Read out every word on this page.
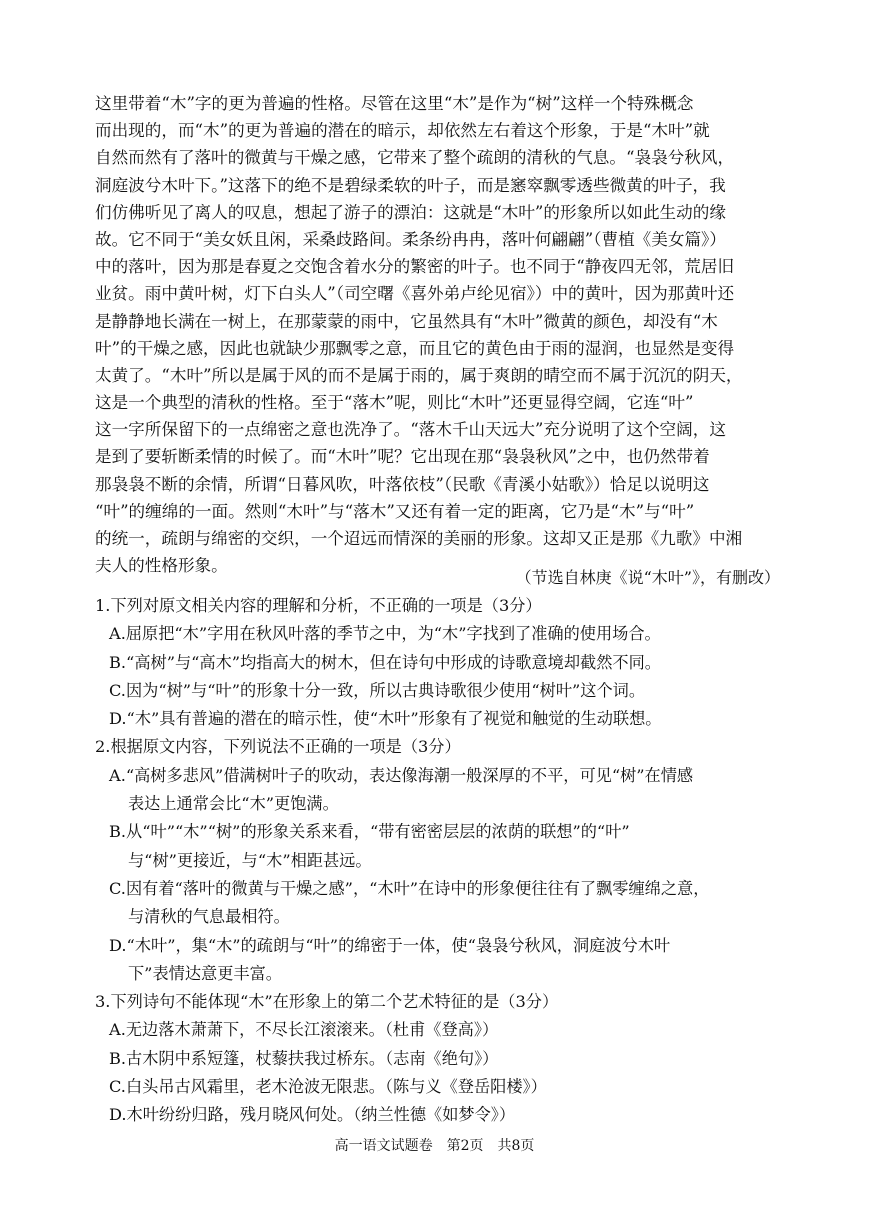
这里带着“木”字的更为普遍的性格。尽管在这里“木”是作为“树”这样一个特殊概念
而出现的，而“木”的更为普遍的潜在的暗示，却依然左右着这个形象，于是“木叶”就
自然而然有了落叶的微黄与干燥之感，它带来了整个疏朗的清秋的气息。“袅袅兮秋风，
洞庭波兮木叶下。”这落下的绝不是碧绿柔软的叶子，而是窸窣飘零透些微黄的叶子，我
们仿佛听见了离人的叹息，想起了游子的漂泊：这就是“木叶”的形象所以如此生动的缘
故。它不同于“美女妖且闲，采桑歧路间。柔条纷冉冉，落叶何翩翩”（曹植《美女篇》）
中的落叶，因为那是春夏之交饱含着水分的繁密的叶子。也不同于“静夜四无邻，荒居旧
业贫。雨中黄叶树，灯下白头人”（司空曙《喜外弟卢纶见宿》）中的黄叶，因为那黄叶还
是静静地长满在一树上，在那蒙蒙的雨中，它虽然具有“木叶”微黄的颜色，却没有“木
叶”的干燥之感，因此也就缺少那飘零之意，而且它的黄色由于雨的湿润，也显然是变得
太黄了。“木叶”所以是属于风的而不是属于雨的，属于爽朗的晴空而不属于沉沉的阴天，
这是一个典型的清秋的性格。至于“落木”呢，则比“木叶”还更显得空阔，它连“叶”
这一字所保留下的一点绵密之意也洗净了。“落木千山天远大”充分说明了这个空阔，这
是到了要斩断柔情的时候了。而“木叶”呢？它出现在那“袅袅秋风”之中，也仍然带着
那袅袅不断的余情，所谓“日暮风吹，叶落依枝”（民歌《青溪小姑歌》）恰足以说明这
“叶”的缠绵的一面。然则“木叶”与“落木”又还有着一定的距离，它乃是“木”与“叶”
的统一，疏朗与绵密的交织，一个迢远而情深的美丽的形象。这却又正是那《九歌》中湘
夫人的性格形象。
（节选自林庚《说“木叶”》，有删改）
1.下列对原文相关内容的理解和分析，不正确的一项是（3分）
A.屈原把“木”字用在秋风叶落的季节之中，为“木”字找到了准确的使用场合。
B.“高树”与“高木”均指高大的树木，但在诗句中形成的诗歌意境却截然不同。
C.因为“树”与“叶”的形象十分一致，所以古典诗歌很少使用“树叶”这个词。
D.“木”具有普遍的潜在的暗示性，使“木叶”形象有了视觉和触觉的生动联想。
2.根据原文内容，下列说法不正确的一项是（3分）
A.“高树多悲风”借满树叶子的吹动，表达像海潮一般深厚的不平，可见“树”在情感
表达上通常会比“木”更饱满。
B.从“叶”“木”“树”的形象关系来看，“带有密密层层的浓荫的联想”的“叶”
与“树”更接近，与“木”相距甚远。
C.因有着“落叶的微黄与干燥之感”，“木叶”在诗中的形象便往往有了飘零缠绵之意，
与清秋的气息最相符。
D.“木叶”，集“木”的疏朗与“叶”的绵密于一体，使“袅袅兮秋风，洞庭波兮木叶
下”表情达意更丰富。
3.下列诗句不能体现“木”在形象上的第二个艺术特征的是（3分）
A.无边落木萧萧下，不尽长江滚滚来。（杜甫《登高》）
B.古木阴中系短篷，杖藜扶我过桥东。（志南《绝句》）
C.白头吊古风霜里，老木沧波无限悲。（陈与义《登岳阳楼》）
D.木叶纷纷归路，残月晓风何处。（纳兰性德《如梦令》）
高一语文试题卷　第2页　共8页
